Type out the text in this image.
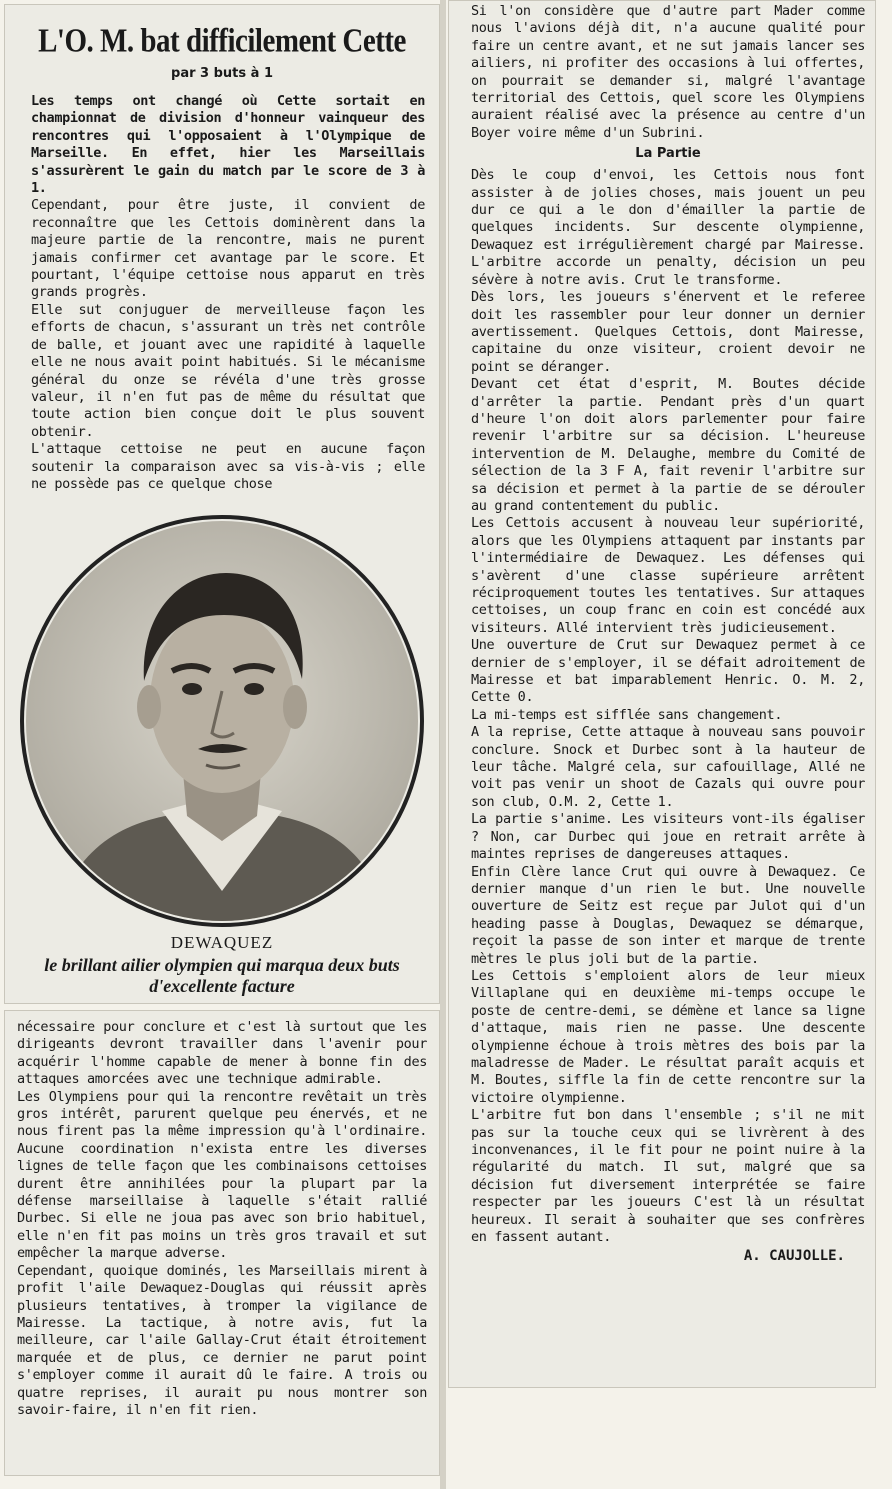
L'O. M. bat difficilement Cette
par 3 buts à 1

Les temps ont changé où Cette sortait en championnat de division d'honneur vainqueur des rencontres qui l'opposaient à l'Olympique de Marseille. En effet, hier les Marseillais s'assurèrent le gain du match par le score de 3 à 1.

Cependant, pour être juste, il convient de reconnaître que les Cettois dominèrent dans la majeure partie de la rencontre, mais ne purent jamais confirmer cet avantage par le score. Et pourtant, l'équipe cettoise nous apparut en très grands progrès.

Elle sut conjuguer de merveilleuse façon les efforts de chacun, s'assurant un très net contrôle de balle, et jouant avec une rapidité à laquelle elle ne nous avait point habitués. Si le mécanisme général du onze se révéla d'une très grosse valeur, il n'en fut pas de même du résultat que toute action bien conçue doit le plus souvent obtenir.

L'attaque cettoise ne peut en aucune façon soutenir la comparaison avec sa vis-à-vis ; elle ne possède pas ce quelque chose

DEWAQUEZ
le brillant ailier olympien qui marqua deux buts d'excellente facture

nécessaire pour conclure et c'est là surtout que les dirigeants devront travailler dans l'avenir pour acquérir l'homme capable de mener à bonne fin des attaques amorcées avec une technique admirable.

Les Olympiens pour qui la rencontre revêtait un très gros intérêt, parurent quelque peu énervés, et ne nous firent pas la même impression qu'à l'ordinaire. Aucune coordination n'exista entre les diverses lignes de telle façon que les combinaisons cettoises durent être annihilées pour la plupart par la défense marseillaise à laquelle s'était rallié Durbec. Si elle ne joua pas avec son brio habituel, elle n'en fit pas moins un très gros travail et sut empêcher la marque adverse.

Cependant, quoique dominés, les Marseillais mirent à profit l'aile Dewaquez-Douglas qui réussit après plusieurs tentatives, à tromper la vigilance de Mairesse. La tactique, à notre avis, fut la meilleure, car l'aile Gallay-Crut était étroitement marquée et de plus, ce dernier ne parut point s'employer comme il aurait dû le faire. A trois ou quatre reprises, il aurait pu nous montrer son savoir-faire, il n'en fit rien.

Si l'on considère que d'autre part Mader comme nous l'avions déjà dit, n'a aucune qualité pour faire un centre avant, et ne sut jamais lancer ses ailiers, ni profiter des occasions à lui offertes, on pourrait se demander si, malgré l'avantage territorial des Cettois, quel score les Olympiens auraient réalisé avec la présence au centre d'un Boyer voire même d'un Subrini.

La Partie

Dès le coup d'envoi, les Cettois nous font assister à de jolies choses, mais jouent un peu dur ce qui a le don d'émailler la partie de quelques incidents. Sur descente olympienne, Dewaquez est irrégulièrement chargé par Mairesse. L'arbitre accorde un penalty, décision un peu sévère à notre avis. Crut le transforme.

Dès lors, les joueurs s'énervent et le referee doit les rassembler pour leur donner un dernier avertissement. Quelques Cettois, dont Mairesse, capitaine du onze visiteur, croient devoir ne point se déranger.

Devant cet état d'esprit, M. Boutes décide d'arrêter la partie. Pendant près d'un quart d'heure l'on doit alors parlementer pour faire revenir l'arbitre sur sa décision. L'heureuse intervention de M. Delaughe, membre du Comité de sélection de la 3 F A, fait revenir l'arbitre sur sa décision et permet à la partie de se dérouler au grand contentement du public.

Les Cettois accusent à nouveau leur supériorité, alors que les Olympiens attaquent par instants par l'intermédiaire de Dewaquez. Les défenses qui s'avèrent d'une classe supérieure arrêtent réciproquement toutes les tentatives. Sur attaques cettoises, un coup franc en coin est concédé aux visiteurs. Allé intervient très judicieusement.

Une ouverture de Crut sur Dewaquez permet à ce dernier de s'employer, il se défait adroitement de Mairesse et bat imparablement Henric. O. M. 2, Cette 0.

La mi-temps est sifflée sans changement.

A la reprise, Cette attaque à nouveau sans pouvoir conclure. Snock et Durbec sont à la hauteur de leur tâche. Malgré cela, sur cafouillage, Allé ne voit pas venir un shoot de Cazals qui ouvre pour son club, O.M. 2, Cette 1.

La partie s'anime. Les visiteurs vont-ils égaliser ? Non, car Durbec qui joue en retrait arrête à maintes reprises de dangereuses attaques.

Enfin Clère lance Crut qui ouvre à Dewaquez. Ce dernier manque d'un rien le but. Une nouvelle ouverture de Seitz est reçue par Julot qui d'un heading passe à Douglas, Dewaquez se démarque, reçoit la passe de son inter et marque de trente mètres le plus joli but de la partie.

Les Cettois s'emploient alors de leur mieux Villaplane qui en deuxième mi-temps occupe le poste de centre-demi, se démène et lance sa ligne d'attaque, mais rien ne passe. Une descente olympienne échoue à trois mètres des bois par la maladresse de Mader. Le résultat paraît acquis et M. Boutes, siffle la fin de cette rencontre sur la victoire olympienne.

L'arbitre fut bon dans l'ensemble ; s'il ne mit pas sur la touche ceux qui se livrèrent à des inconvenances, il le fit pour ne point nuire à la régularité du match. Il sut, malgré que sa décision fut diversement interprétée se faire respecter par les joueurs C'est là un résultat heureux. Il serait à souhaiter que ses confrères en fassent autant.

A. CAUJOLLE.
